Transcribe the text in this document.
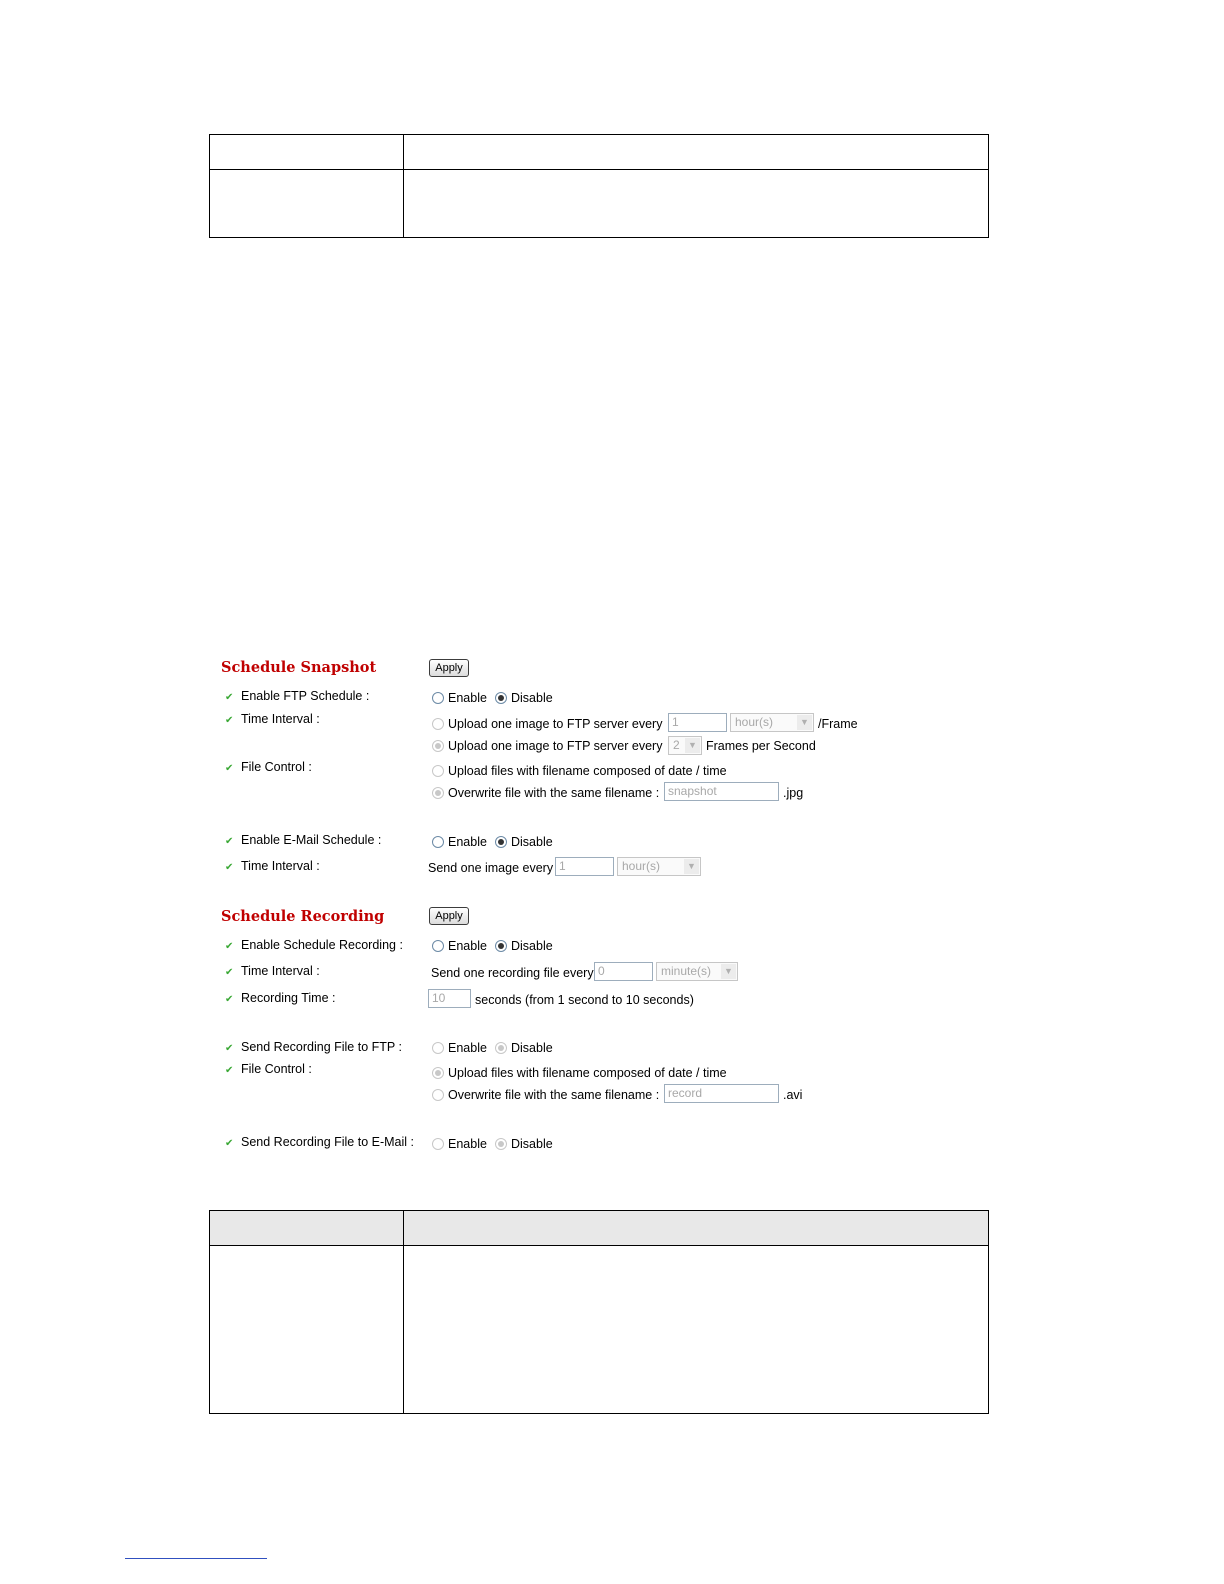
Schedule Snapshot	Apply
✔ Enable FTP Schedule :	Enable Disable
✔ Time Interval :	Upload one image to FTP server every 1	hour(s)	▼ /Frame
Upload one image to FTP server every 2 ▼ Frames per Second
✔ File Control :	Upload files with filename composed of date / time
Overwrite file with the same filename : snapshot	.jpg
✔ Enable E-Mail Schedule :	Enable Disable
✔ Time Interval :	Send one image every 1	hour(s)	▼
Schedule Recording	Apply
✔ Enable Schedule Recording :	Enable Disable
✔ Time Interval :	Send one recording file every 0	minute(s)	▼
✔ Recording Time :	10	seconds (from 1 second to 10 seconds)
✔ Send Recording File to FTP :	Enable Disable
✔ File Control :	Upload files with filename composed of date / time
Overwrite file with the same filename : record	.avi
✔ Send Recording File to E-Mail :	Enable Disable
